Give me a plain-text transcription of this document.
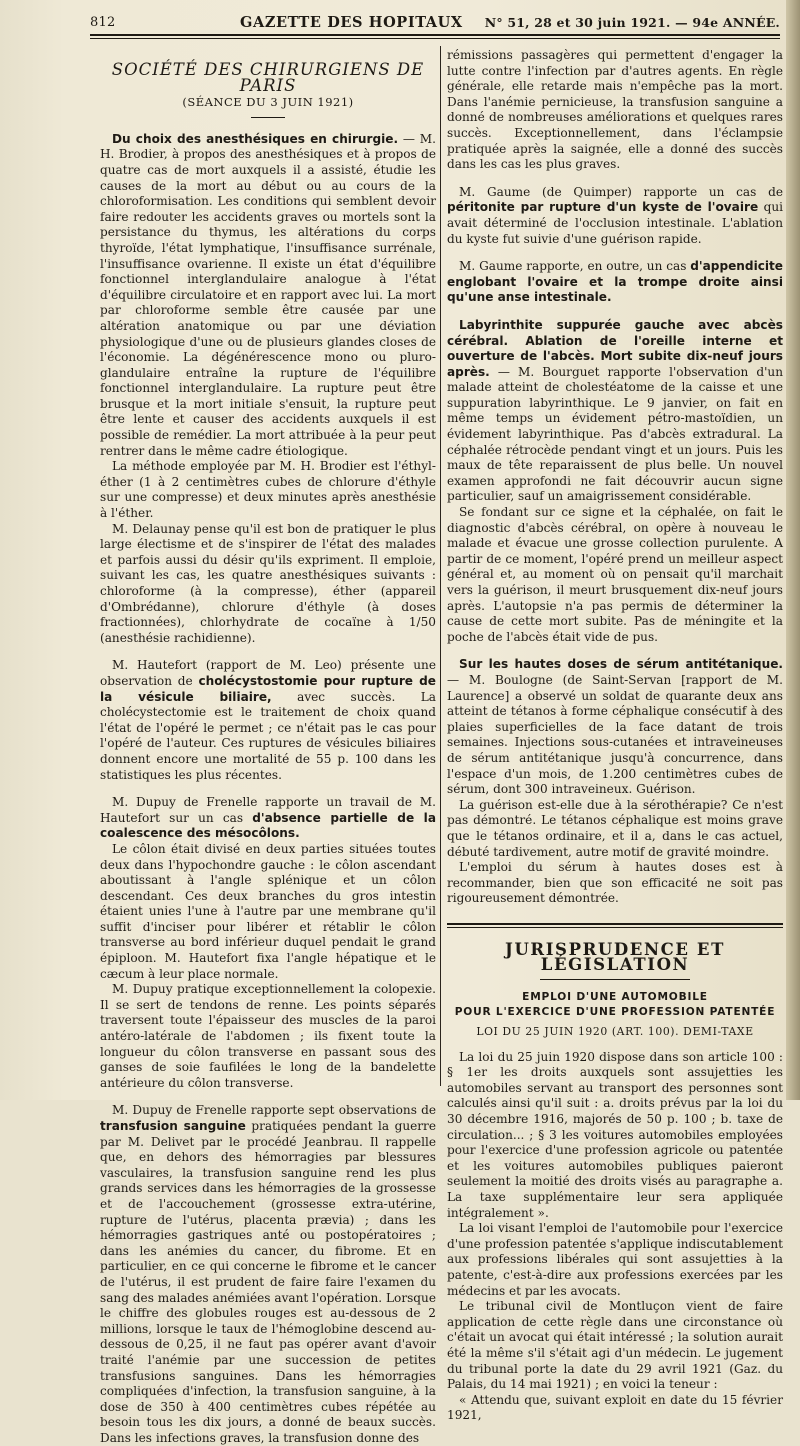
812	GAZETTE DES HOPITAUX N° 51, 28 et 30 juin 1921. — 94e ANNÉE.
SOCIÉTÉ DES CHIRURGIENS DE PARIS
(SÉANCE DU 3 JUIN 1921)

Du choix des anesthésiques en chirurgie. — M. H. Brodier, à propos des anesthésiques et à propos de quatre cas de mort auxquels il a assisté, étudie les causes de la mort au début ou au cours de la chloroformisation. Les conditions qui semblent devoir faire redouter les accidents graves ou mortels sont la persistance du thymus, les altérations du corps thyroïde, l'état lymphatique, l'insuffisance surrénale, l'insuffisance ovarienne. Il existe un état d'équilibre fonctionnel interglandulaire analogue à l'état d'équilibre circulatoire et en rapport avec lui. La mort par chloroforme semble être causée par une altération anatomique ou par une déviation physiologique d'une ou de plusieurs glandes closes de l'économie. La dégénérescence mono ou pluro-glandulaire entraîne la rupture de l'équilibre fonctionnel interglandulaire. La rupture peut être brusque et la mort initiale s'ensuit, la rupture peut être lente et causer des accidents auxquels il est possible de remédier. La mort attribuée à la peur peut rentrer dans le même cadre étiologique.

La méthode employée par M. H. Brodier est l'éthyl-éther (1 à 2 centimètres cubes de chlorure d'éthyle sur une compresse) et deux minutes après anesthésie à l'éther.

M. Delaunay pense qu'il est bon de pratiquer le plus large électisme et de s'inspirer de l'état des malades et parfois aussi du désir qu'ils expriment. Il emploie, suivant les cas, les quatre anesthésiques suivants : chloroforme (à la compresse), éther (appareil d'Ombrédanne), chlorure d'éthyle (à doses fractionnées), chlorhydrate de cocaïne à 1/50 (anesthésie rachidienne).

M. Hautefort (rapport de M. Leo) présente une observation de cholécystostomie pour rupture de la vésicule biliaire, avec succès. La cholécystectomie est le traitement de choix quand l'état de l'opéré le permet ; ce n'était pas le cas pour l'opéré de l'auteur. Ces ruptures de vésicules biliaires donnent encore une mortalité de 55 p. 100 dans les statistiques les plus récentes.

M. Dupuy de Frenelle rapporte un travail de M. Hautefort sur un cas d'absence partielle de la coalescence des mésocôlons.

Le côlon était divisé en deux parties situées toutes deux dans l'hypochondre gauche : le côlon ascendant aboutissant à l'angle splénique et un côlon descendant. Ces deux branches du gros intestin étaient unies l'une à l'autre par une membrane qu'il suffit d'inciser pour libérer et rétablir le côlon transverse au bord inférieur duquel pendait le grand épiploon. M. Hautefort fixa l'angle hépatique et le cæcum à leur place normale.

M. Dupuy pratique exceptionnellement la colopexie. Il se sert de tendons de renne. Les points séparés traversent toute l'épaisseur des muscles de la paroi antéro-latérale de l'abdomen ; ils fixent toute la longueur du côlon transverse en passant sous des ganses de soie faufilées le long de la bandelette antérieure du côlon transverse.

M. Dupuy de Frenelle rapporte sept observations de transfusion sanguine pratiquées pendant la guerre par M. Delivet par le procédé Jeanbrau. Il rappelle que, en dehors des hémorragies par blessures vasculaires, la transfusion sanguine rend les plus grands services dans les hémorragies de la grossesse et de l'accouchement (grossesse extra-utérine, rupture de l'utérus, placenta prævia) ; dans les hémorragies gastriques anté ou postopératoires ; dans les anémies du cancer, du fibrome. Et en particulier, en ce qui concerne le fibrome et le cancer de l'utérus, il est prudent de faire faire l'examen du sang des malades anémiées avant l'opération. Lorsque le chiffre des globules rouges est au-dessous de 2 millions, lorsque le taux de l'hémoglobine descend au-dessous de 0,25, il ne faut pas opérer avant d'avoir traité l'anémie par une succession de petites transfusions sanguines. Dans les hémorragies compliquées d'infection, la transfusion sanguine, à la dose de 350 à 400 centimètres cubes répétée au besoin tous les dix jours, a donné de beaux succès. Dans les infections graves, la transfusion donne des

rémissions passagères qui permettent d'engager la lutte contre l'infection par d'autres agents. En règle générale, elle retarde mais n'empêche pas la mort. Dans l'anémie pernicieuse, la transfusion sanguine a donné de nombreuses améliorations et quelques rares succès. Exceptionnellement, dans l'éclampsie pratiquée après la saignée, elle a donné des succès dans les cas les plus graves.

M. Gaume (de Quimper) rapporte un cas de péritonite par rupture d'un kyste de l'ovaire qui avait déterminé de l'occlusion intestinale. L'ablation du kyste fut suivie d'une guérison rapide.

M. Gaume rapporte, en outre, un cas d'appendicite englobant l'ovaire et la trompe droite ainsi qu'une anse intestinale.

Labyrinthite suppurée gauche avec abcès cérébral. Ablation de l'oreille interne et ouverture de l'abcès. Mort subite dix-neuf jours après. — M. Bourguet rapporte l'observation d'un malade atteint de cholestéatome de la caisse et une suppuration labyrinthique. Le 9 janvier, on fait en même temps un évidement pétro-mastoïdien, un évidement labyrinthique. Pas d'abcès extradural. La céphalée rétrocède pendant vingt et un jours. Puis les maux de tête reparaissent de plus belle. Un nouvel examen approfondi ne fait découvrir aucun signe particulier, sauf un amaigrissement considérable.

Se fondant sur ce signe et la céphalée, on fait le diagnostic d'abcès cérébral, on opère à nouveau le malade et évacue une grosse collection purulente. A partir de ce moment, l'opéré prend un meilleur aspect général et, au moment où on pensait qu'il marchait vers la guérison, il meurt brusquement dix-neuf jours après. L'autopsie n'a pas permis de déterminer la cause de cette mort subite. Pas de méningite et la poche de l'abcès était vide de pus.

Sur les hautes doses de sérum antitétanique. — M. Boulogne (de Saint-Servan [rapport de M. Laurence] a observé un soldat de quarante deux ans atteint de tétanos à forme céphalique consécutif à des plaies superficielles de la face datant de trois semaines. Injections sous-cutanées et intraveineuses de sérum antitétanique jusqu'à concurrence, dans l'espace d'un mois, de 1.200 centimètres cubes de sérum, dont 300 intraveineux. Guérison.

La guérison est-elle due à la sérothérapie? Ce n'est pas démontré. Le tétanos céphalique est moins grave que le tétanos ordinaire, et il a, dans le cas actuel, débuté tardivement, autre motif de gravité moindre.

L'emploi du sérum à hautes doses est à recommander, bien que son efficacité ne soit pas rigoureusement démontrée.

JURISPRUDENCE ET LÉGISLATION
EMPLOI D'UNE AUTOMOBILE
POUR L'EXERCICE D'UNE PROFESSION PATENTÉE
LOI DU 25 JUIN 1920 (ART. 100). DEMI-TAXE

La loi du 25 juin 1920 dispose dans son article 100 : § 1er les droits auxquels sont assujetties les automobiles servant au transport des personnes sont calculés ainsi qu'il suit : a. droits prévus par la loi du 30 décembre 1916, majorés de 50 p. 100 ; b. taxe de circulation... ; § 3 les voitures automobiles employées pour l'exercice d'une profession agricole ou patentée et les voitures automobiles publiques paieront seulement la moitié des droits visés au paragraphe a. La taxe supplémentaire leur sera appliquée intégralement ».

La loi visant l'emploi de l'automobile pour l'exercice d'une profession patentée s'applique indiscutablement aux professions libérales qui sont assujetties à la patente, c'est-à-dire aux professions exercées par les médecins et par les avocats.

Le tribunal civil de Montluçon vient de faire application de cette règle dans une circonstance où c'était un avocat qui était intéressé ; la solution aurait été la même s'il s'était agi d'un médecin. Le jugement du tribunal porte la date du 29 avril 1921 (Gaz. du Palais, du 14 mai 1921) ; en voici la teneur :

« Attendu que, suivant exploit en date du 15 février 1921,
